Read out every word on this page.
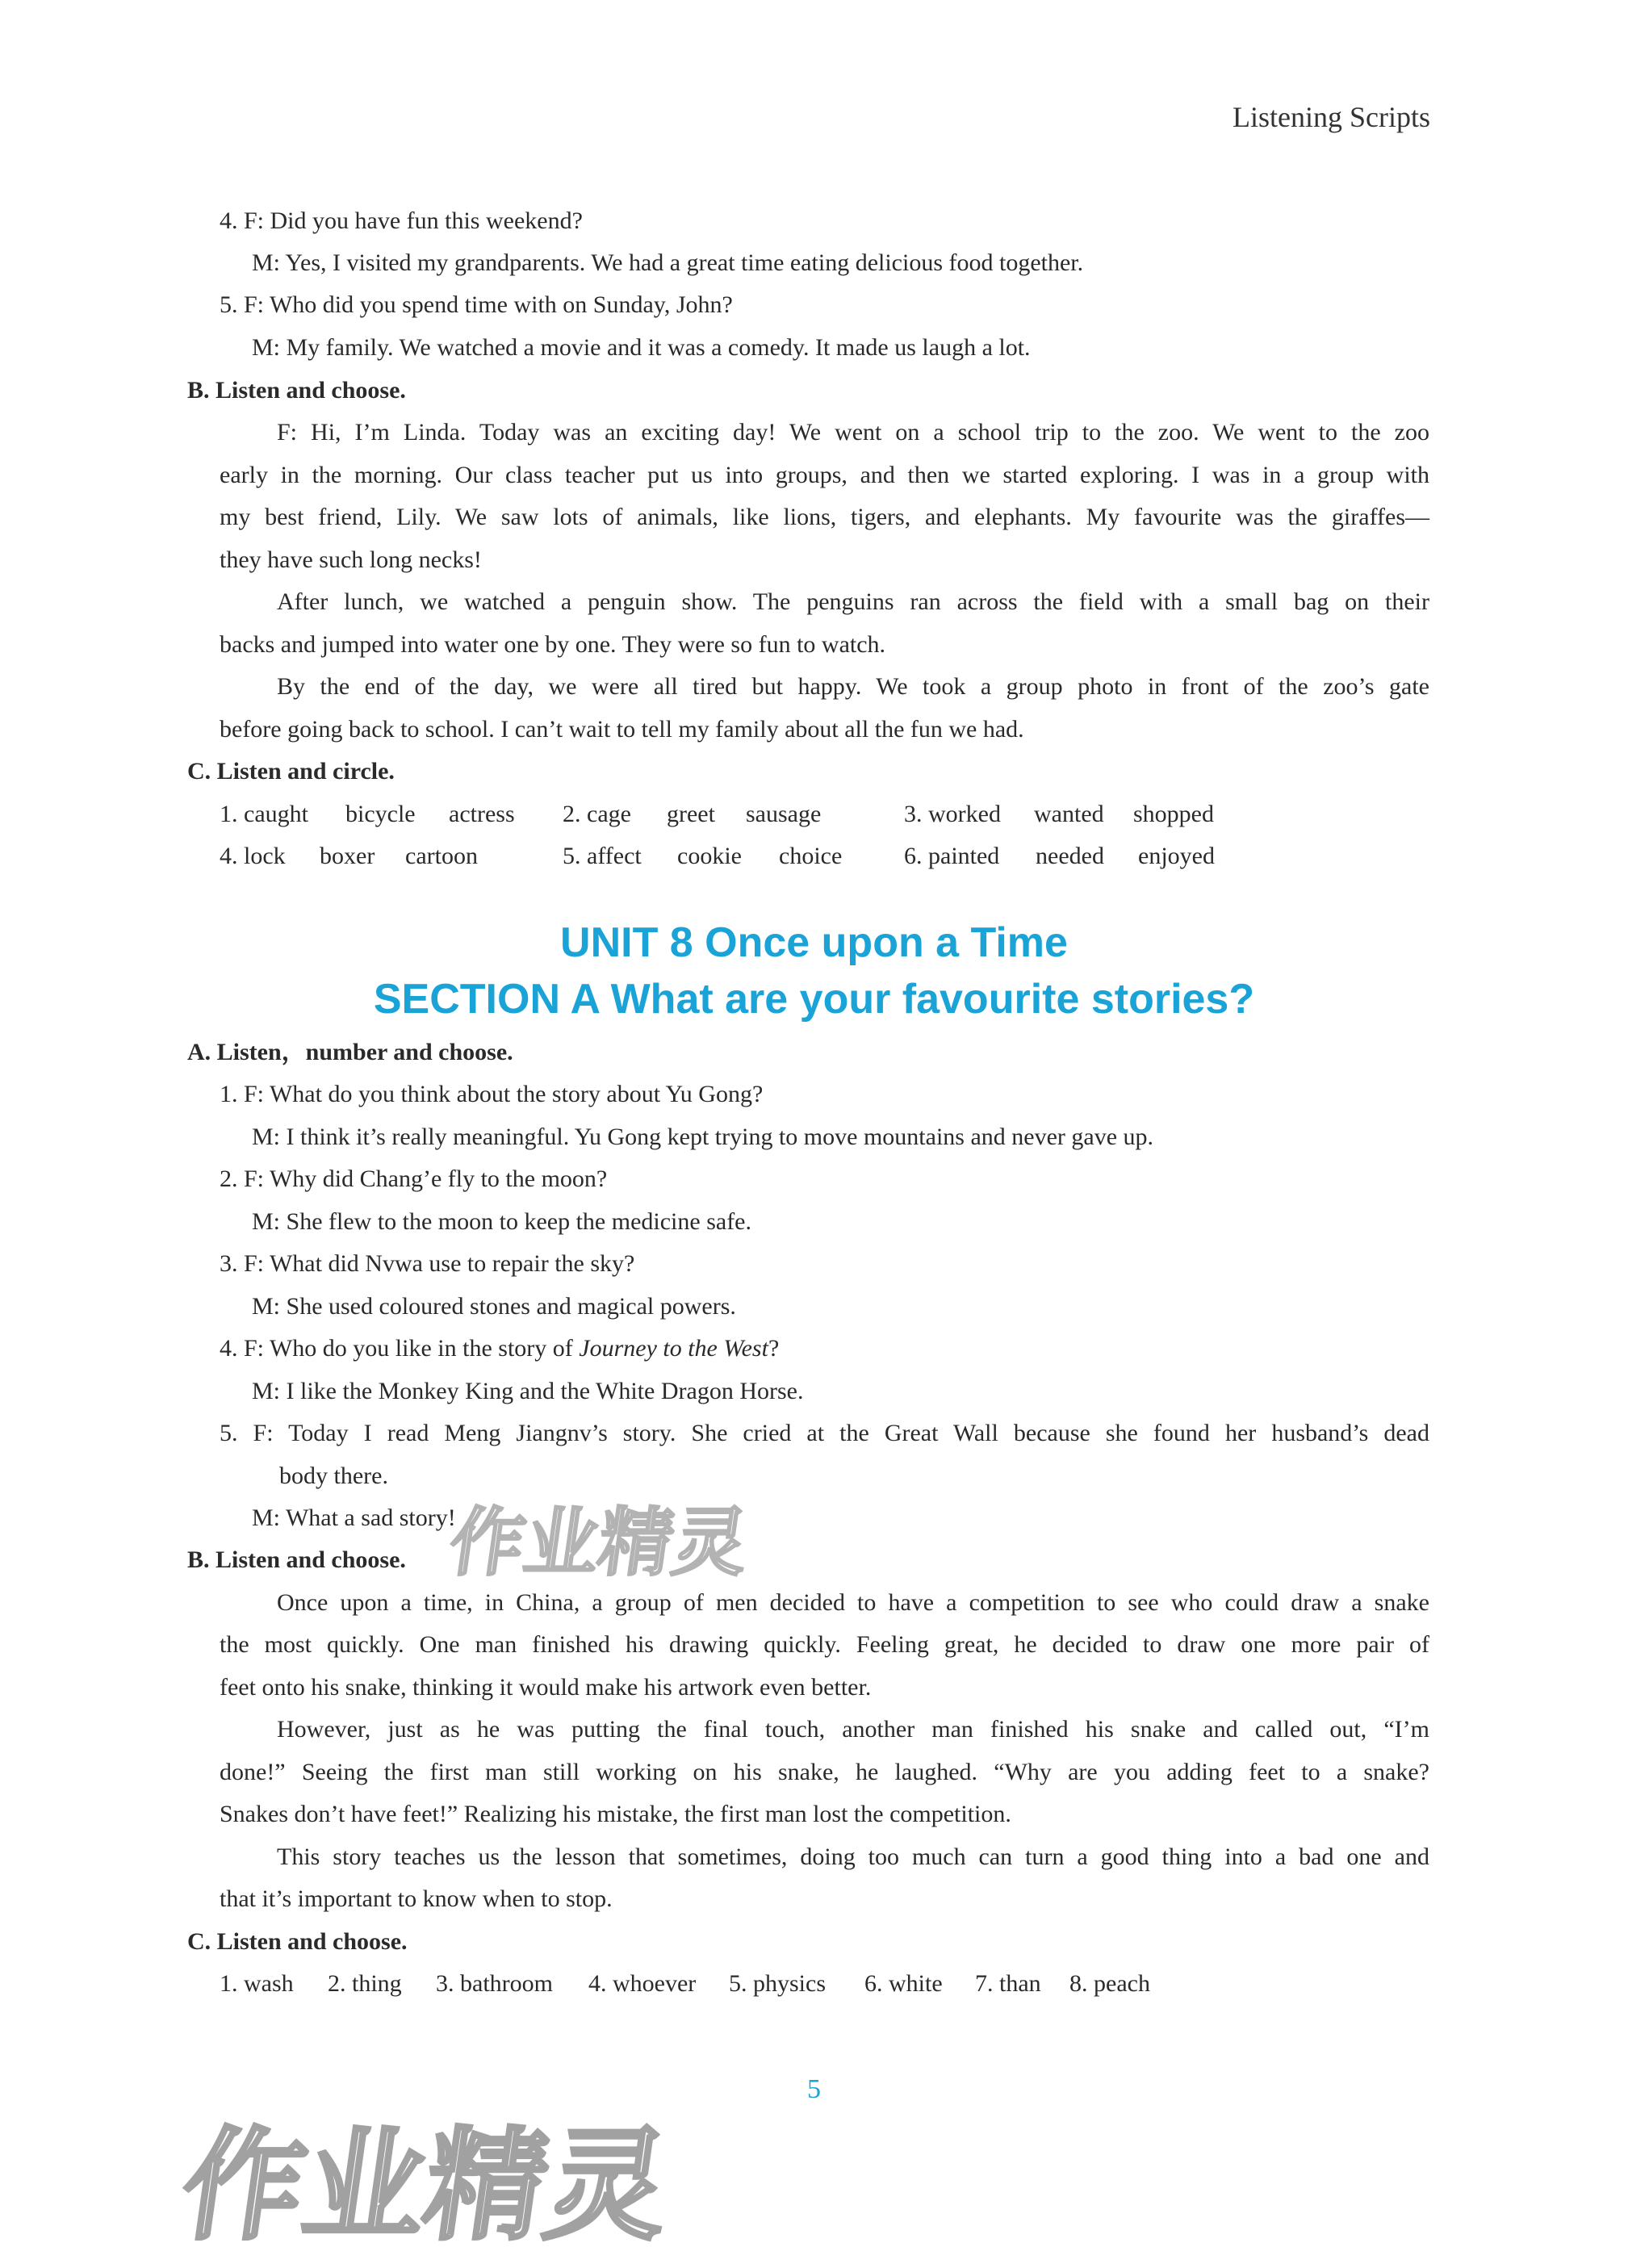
Listening Scripts
4. F: Did you have fun this weekend?
M: Yes, I visited my grandparents. We had a great time eating delicious food together.
5. F: Who did you spend time with on Sunday, John?
M: My family. We watched a movie and it was a comedy. It made us laugh a lot.
B. Listen and choose.
F: Hi, I’m Linda. Today was an exciting day! We went on a school trip to the zoo. We went to the zoo
early in the morning. Our class teacher put us into groups, and then we started exploring. I was in a group with
my best friend, Lily. We saw lots of animals, like lions, tigers, and elephants. My favourite was the giraffes—
they have such long necks!
After lunch, we watched a penguin show. The penguins ran across the field with a small bag on their
backs and jumped into water one by one. They were so fun to watch.
By the end of the day, we were all tired but happy. We took a group photo in front of the zoo’s gate
before going back to school. I can’t wait to tell my family about all the fun we had.
C. Listen and circle.
1. caught bicycle actress 2. cage greet sausage	3. worked wanted shopped
4. lock boxer cartoon	5. affect cookie choice	6. painted needed enjoyed
UNIT 8 Once upon a Time
SECTION A What are your favourite stories?
A. Listen，number and choose.
1. F: What do you think about the story about Yu Gong?
M: I think it’s really meaningful. Yu Gong kept trying to move mountains and never gave up.
2. F: Why did Chang’e fly to the moon?
M: She flew to the moon to keep the medicine safe.
3. F: What did Nvwa use to repair the sky?
M: She used coloured stones and magical powers.
4. F: Who do you like in the story of Journey to the West?
M: I like the Monkey King and the White Dragon Horse.
5. F: Today I read Meng Jiangnv’s story. She cried at the Great Wall because she found her husband’s dead
body there.
M: What a sad story!
B. Listen and choose.
Once upon a time, in China, a group of men decided to have a competition to see who could draw a snake
the most quickly. One man finished his drawing quickly. Feeling great, he decided to draw one more pair of
feet onto his snake, thinking it would make his artwork even better.
However, just as he was putting the final touch, another man finished his snake and called out, “I’m
done!” Seeing the first man still working on his snake, he laughed. “Why are you adding feet to a snake?
Snakes don’t have feet!” Realizing his mistake, the first man lost the competition.
This story teaches us the lesson that sometimes, doing too much can turn a good thing into a bad one and
that it’s important to know when to stop.
C. Listen and choose.
1. wash 2. thing 3. bathroom 4. whoever 5. physics 6. white 7. than 8. peach
5
作业精灵
作业精灵
